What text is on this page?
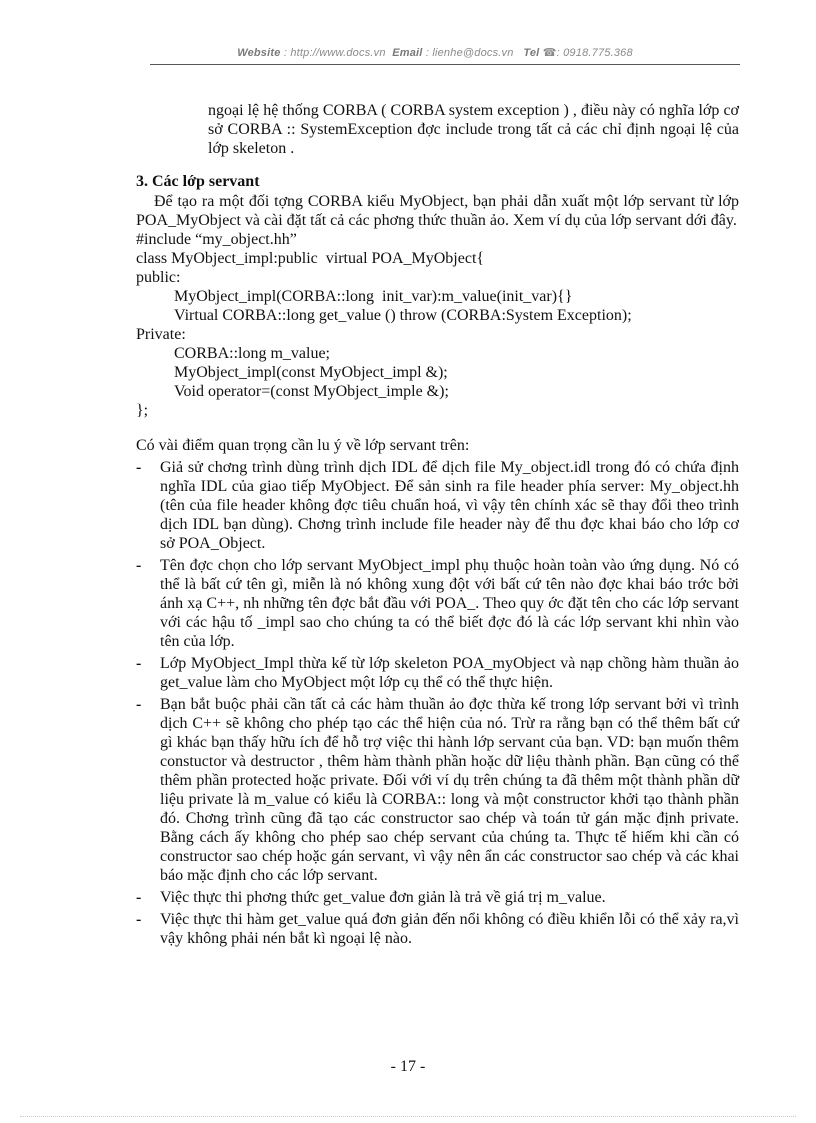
Website : http://www.docs.vn Email : lienhe@docs.vn Tel ☎: 0918.775.368

ngoại lệ hệ thống CORBA ( CORBA system exception ) , điều này có nghĩa lớp cơ sở CORBA :: SystemException đợc include trong tất cả các chỉ định ngoại lệ của lớp skeleton .

3. Các lớp servant

Để tạo ra một đối tợng CORBA kiểu MyObject, bạn phải dẫn xuất một lớp servant từ lớp POA_MyObject và cài đặt tất cả các phơng thức thuần ảo. Xem ví dụ của lớp servant dới đây.

#include “my_object.hh”

class MyObject_impl:public  virtual POA_MyObject{

public:

MyObject_impl(CORBA::long  init_var):m_value(init_var){}

Virtual CORBA::long get_value () throw (CORBA:System Exception);

Private:

CORBA::long m_value;

MyObject_impl(const MyObject_impl &);

Void operator=(const MyObject_imple &);

};

Có vài điểm quan trọng cần lu ý về lớp servant trên:

- Giả sử chơng trình dùng trình dịch IDL để dịch file My_object.idl trong đó có chứa định nghĩa IDL của giao tiếp MyObject. Để sản sinh ra file header phía server: My_object.hh (tên của file header không đợc tiêu chuẩn hoá, vì vậy tên chính xác sẽ thay đổi theo trình dịch IDL bạn dùng). Chơng trình include file header này để thu đợc khai báo cho lớp cơ sở POA_Object.
- Tên đợc chọn cho lớp servant MyObject_impl phụ thuộc hoàn toàn vào ứng dụng. Nó có thể là bất cứ tên gì, miễn là nó không xung đột với bất cứ tên nào đợc khai báo trớc bởi ánh xạ C++, nh những tên đợc bắt đầu với POA_. Theo quy ớc đặt tên cho các lớp servant với các hậu tố _impl sao cho chúng ta có thể biết đợc đó là các lớp servant khi nhìn vào tên của lớp.
- Lớp MyObject_Impl thừa kế từ lớp skeleton POA_myObject và nạp chồng hàm thuần ảo get_value làm cho MyObject một lớp cụ thể có thể thực hiện.
- Bạn bắt buộc phải cần tất cả các hàm thuần ảo đợc thừa kế trong lớp servant bởi vì trình dịch C++ sẽ không cho phép tạo các thể hiện của nó. Trừ ra rằng bạn có thể thêm bất cứ gì khác bạn thấy hữu ích để hỗ trợ việc thi hành lớp servant của bạn. VD: bạn muốn thêm constuctor và destructor , thêm hàm thành phần hoặc dữ liệu thành phần. Bạn cũng có thể thêm phần protected hoặc private. Đối với ví dụ trên chúng ta đã thêm một thành phần dữ liệu private là m_value có kiểu là CORBA:: long và một constructor khởi tạo thành phần đó. Chơng trình cũng đã tạo các constructor sao chép và toán tử gán mặc định private. Bằng cách ấy không cho phép sao chép servant của chúng ta. Thực tế hiếm khi cần có constructor sao chép hoặc gán servant, vì vậy nên ẩn các constructor sao chép và các khai báo mặc định cho các lớp servant.
- Việc thực thi phơng thức get_value đơn giản là trả về giá trị m_value.
- Việc thực thi hàm get_value quá đơn giản đến nổi không có điều khiển lỗi có thể xảy ra,vì vậy không phải nén bắt kì ngoại lệ nào.
- 17 -
